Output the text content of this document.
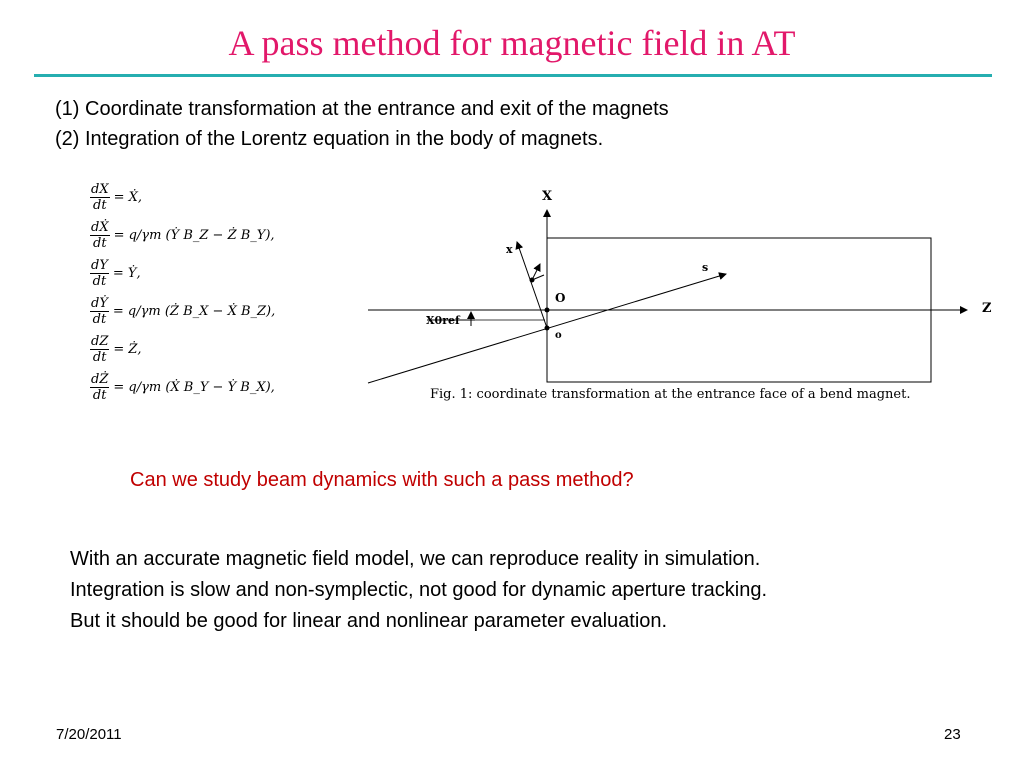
A pass method for magnetic field in AT
(1) Coordinate transformation at the entrance and exit of the magnets
(2) Integration of the Lorentz equation in the body of magnets.
$\frac{dX}{dt}$ = Ẋ,
$\frac{\text{dẊ}}{dt} = q/\gamma m$ (Ẏ B_Z − Ż B_Y),
$\frac{dY}{dt}$ = Ẏ,
$\frac{\text{dẎ}}{dt} = q/\gamma m$ (Ż B_X − Ẋ B_Z),
$\frac{dZ}{dt}$ = Ż,
$\frac{dŻ}{dt} = q/\gamma m$ (Ẋ B_Y − Ẏ B_X),
X
Z
x
s
O
o
X0ref
Fig. 1: coordinate transformation at the entrance face of a bend magnet.
Can we study beam dynamics with such a pass method?
With an accurate magnetic field model, we can reproduce reality in simulation.
Integration is slow and non-symplectic, not good for dynamic aperture tracking.
But it should be good for linear and nonlinear parameter evaluation.
7/20/2011	23
